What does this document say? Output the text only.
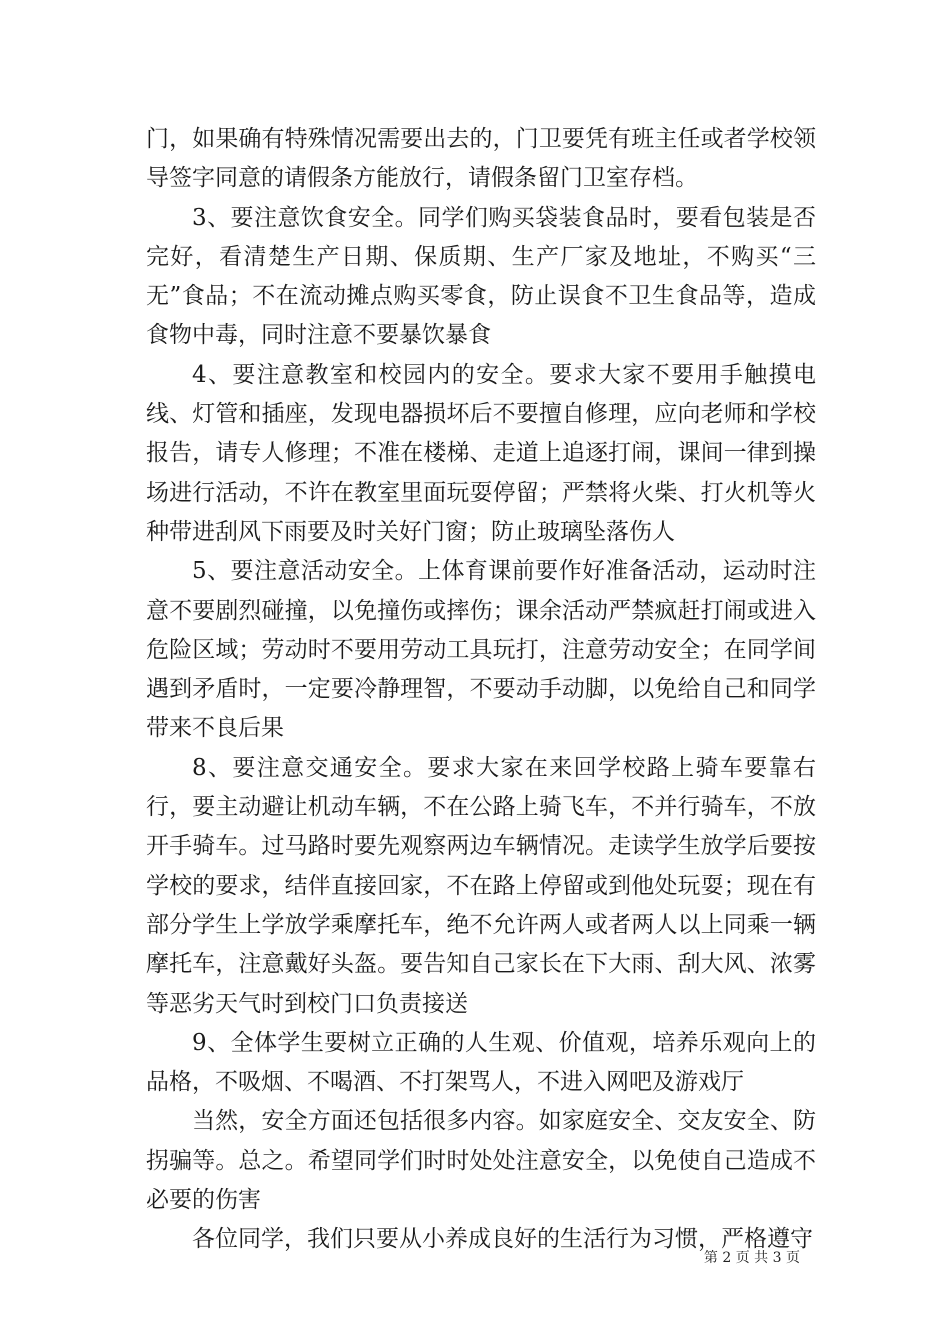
门，如果确有特殊情况需要出去的，门卫要凭有班主任或者学校领导签字同意的请假条方能放行，请假条留门卫室存档。

3、要注意饮食安全。同学们购买袋装食品时，要看包装是否完好，看清楚生产日期、保质期、生产厂家及地址，不购买“三无”食品；不在流动摊点购买零食，防止误食不卫生食品等，造成食物中毒，同时注意不要暴饮暴食

4、要注意教室和校园内的安全。要求大家不要用手触摸电线、灯管和插座，发现电器损坏后不要擅自修理，应向老师和学校报告，请专人修理；不准在楼梯、走道上追逐打闹，课间一律到操场进行活动，不许在教室里面玩耍停留；严禁将火柴、打火机等火种带进刮风下雨要及时关好门窗；防止玻璃坠落伤人

5、要注意活动安全。上体育课前要作好准备活动，运动时注意不要剧烈碰撞，以免撞伤或摔伤；课余活动严禁疯赶打闹或进入危险区域；劳动时不要用劳动工具玩打，注意劳动安全；在同学间遇到矛盾时，一定要冷静理智，不要动手动脚，以免给自己和同学带来不良后果

8、要注意交通安全。要求大家在来回学校路上骑车要靠右行，要主动避让机动车辆，不在公路上骑飞车，不并行骑车，不放开手骑车。过马路时要先观察两边车辆情况。走读学生放学后要按学校的要求，结伴直接回家，不在路上停留或到他处玩耍；现在有部分学生上学放学乘摩托车，绝不允许两人或者两人以上同乘一辆摩托车，注意戴好头盔。要告知自己家长在下大雨、刮大风、浓雾等恶劣天气时到校门口负责接送

9、全体学生要树立正确的人生观、价值观，培养乐观向上的品格，不吸烟、不喝酒、不打架骂人，不进入网吧及游戏厅

当然，安全方面还包括很多内容。如家庭安全、交友安全、防拐骗等。总之。希望同学们时时处处注意安全，以免使自己造成不必要的伤害

各位同学，我们只要从小养成良好的生活行为习惯，严格遵守

第 2 页 共 3 页
